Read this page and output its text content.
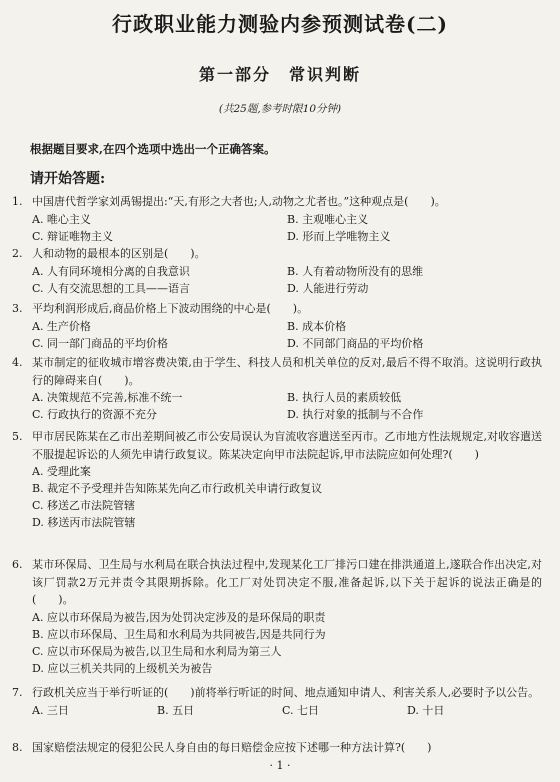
行政职业能力测验内参预测试卷(二)
第一部分　常识判断
(共25题,参考时限10分钟)
根据题目要求,在四个选项中选出一个正确答案。
请开始答题:
1. 中国唐代哲学家刘禹锡提出:“天,有形之大者也;人,动物之尤者也。”这种观点是(　　)。
A. 唯心主义	B. 主观唯心主义
C. 辩证唯物主义	D. 形而上学唯物主义
2. 人和动物的最根本的区别是(　　)。
A. 人有同环境相分离的自我意识	B. 人有着动物所没有的思维
C. 人有交流思想的工具——语言	D. 人能进行劳动
3. 平均利润形成后,商品价格上下波动围绕的中心是(　　)。
A. 生产价格	B. 成本价格
C. 同一部门商品的平均价格	D. 不同部门商品的平均价格
4. 某市制定的征收城市增容费决策,由于学生、科技人员和机关单位的反对,最后不得不取消。这说明行政执行的障碍来自(　　)。
A. 决策规范不完善,标准不统一	B. 执行人员的素质较低
C. 行政执行的资源不充分	D. 执行对象的抵制与不合作
5. 甲市居民陈某在乙市出差期间被乙市公安局误认为盲流收容遣送至丙市。乙市地方性法规规定,对收容遣送不服提起诉讼的人须先申请行政复议。陈某决定向甲市法院起诉,甲市法院应如何处理?(　　)
A. 受理此案
B. 裁定不予受理并告知陈某先向乙市行政机关申请行政复议
C. 移送乙市法院管辖
D. 移送丙市法院管辖
6. 某市环保局、卫生局与水利局在联合执法过程中,发现某化工厂排污口建在排洪通道上,遂联合作出决定,对该厂罚款2万元并责令其限期拆除。化工厂对处罚决定不服,准备起诉,以下关于起诉的说法正确是的(　　)。
A. 应以市环保局为被告,因为处罚决定涉及的是环保局的职责
B. 应以市环保局、卫生局和水利局为共同被告,因是共同行为
C. 应以市环保局为被告,以卫生局和水利局为第三人
D. 应以三机关共同的上级机关为被告
7. 行政机关应当于举行听证的(　　)前将举行听证的时间、地点通知申请人、利害关系人,必要时予以公告。
A. 三日	B. 五日	C. 七日	D. 十日
8. 国家赔偿法规定的侵犯公民人身自由的每日赔偿金应按下述哪一种方法计算?(　　)
· 1 ·
